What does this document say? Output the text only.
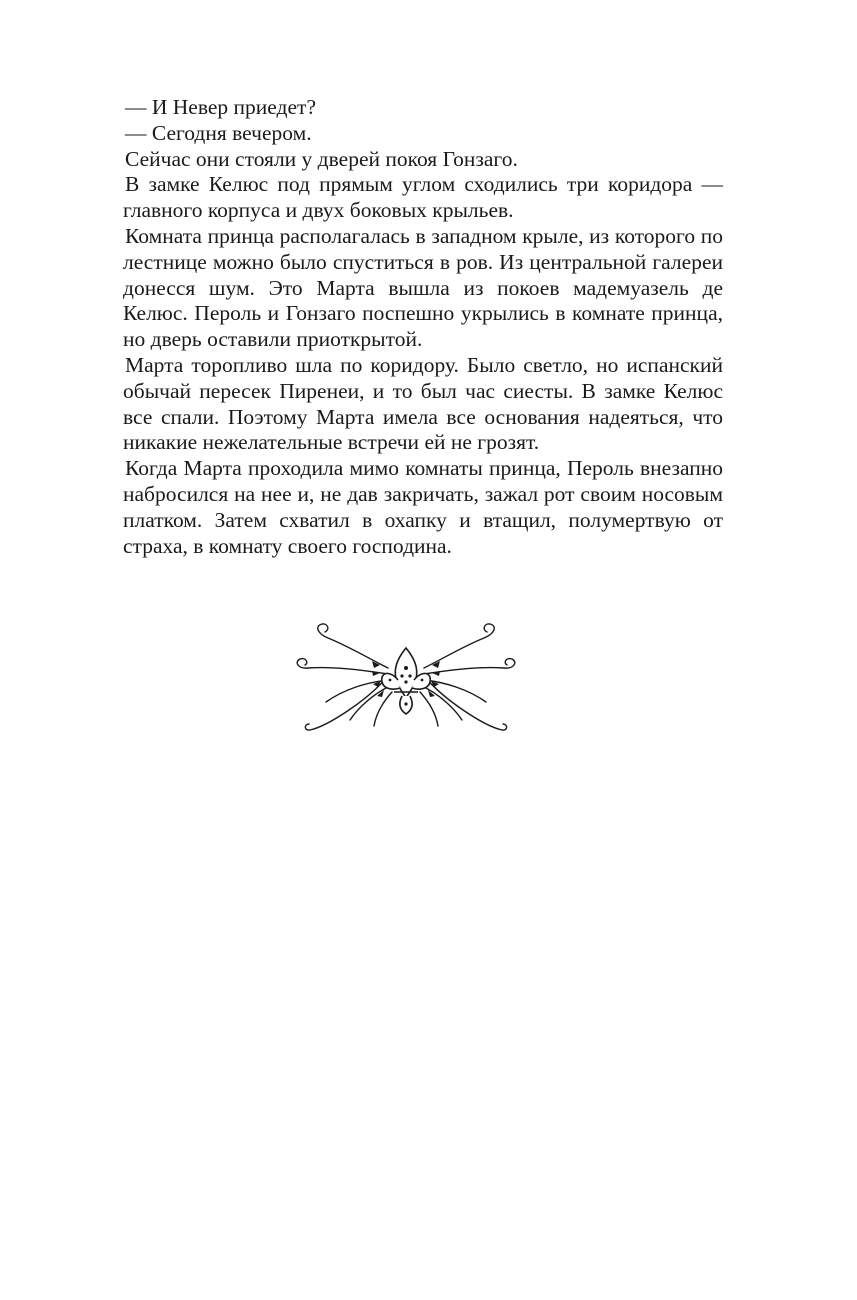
— И Невер приедет?

— Сегодня вечером.

Сейчас они стояли у дверей покоя Гонзаго.

В замке Келюс под прямым углом сходились три коридора — главного корпуса и двух боковых крыльев.

Комната принца располагалась в западном крыле, из которого по лестнице можно было спуститься в ров. Из центральной галереи донесся шум. Это Марта вышла из покоев мадемуазель де Келюс. Пероль и Гонзаго поспешно укрылись в комнате принца, но дверь оставили приоткрытой.

Марта торопливо шла по коридору. Было светло, но испанский обычай пересек Пиренеи, и то был час сиесты. В замке Келюс все спали. Поэтому Марта имела все основания надеяться, что никакие нежелательные встречи ей не грозят.

Когда Марта проходила мимо комнаты принца, Пероль внезапно набросился на нее и, не дав закричать, зажал рот своим носовым платком. Затем схватил в охапку и втащил, полумертвую от страха, в комнату своего господина.
